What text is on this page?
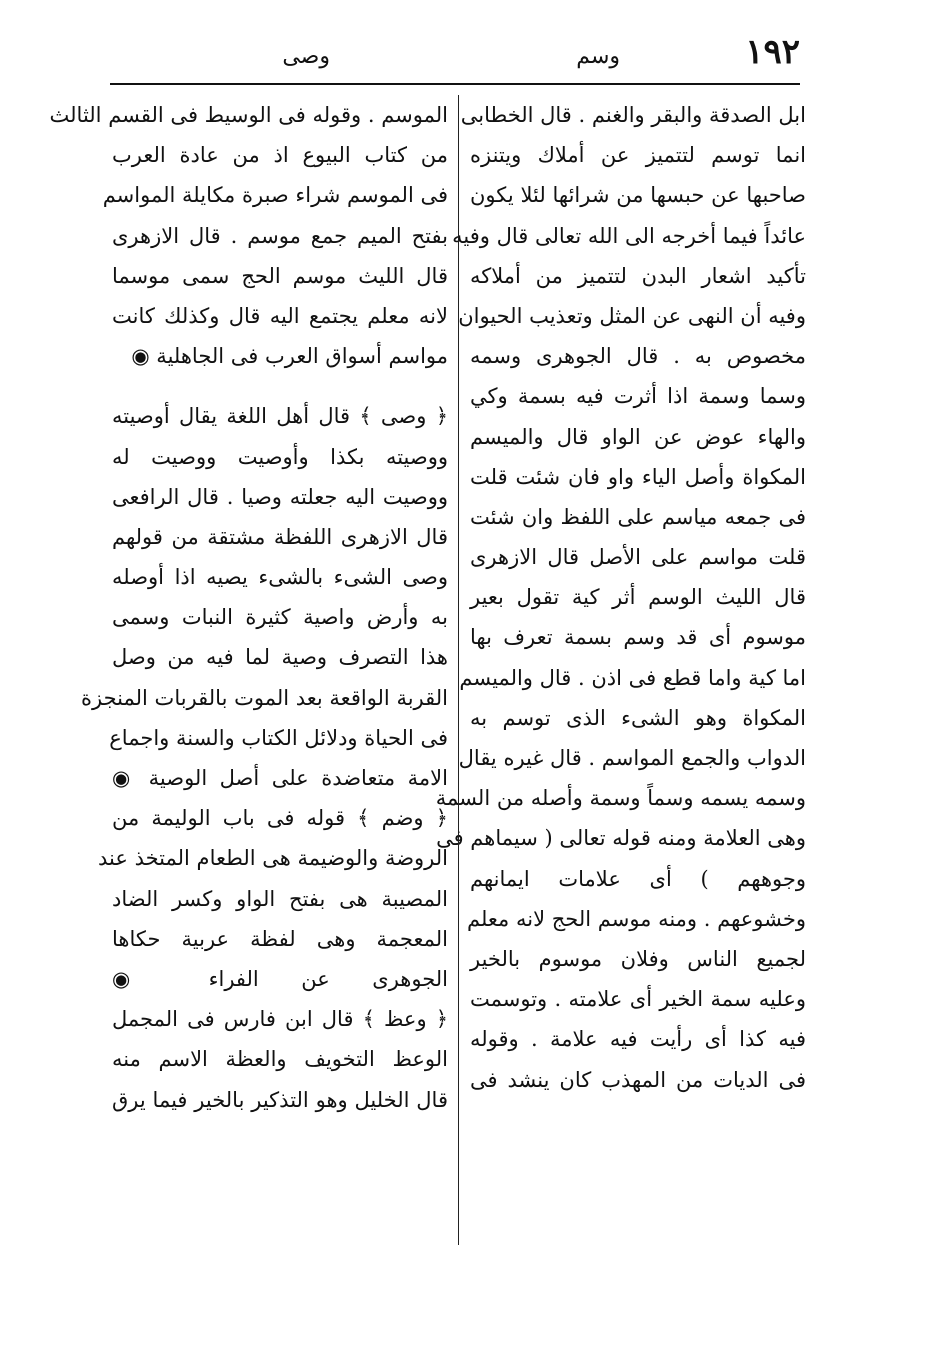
١٩٢
وسم
وصى
ابل الصدقة والبقر والغنم . قال الخطابى
انما توسم لتتميز عن أملاك ويتنزه
صاحبها عن حبسها من شرائها لئلا يكون
عائداً فيما أخرجه الى الله تعالى قال وفيه
تأكيد اشعار البدن لتتميز من أملاكه
وفيه أن النهى عن المثل وتعذيب الحيوان
مخصوص به . قال الجوهرى وسمه
وسما وسمة اذا أثرت فيه بسمة وكي
والهاء عوض عن الواو قال والميسم
المكواة وأصل الياء واو فان شئت قلت
فى جمعه مياسم على اللفظ وان شئت
قلت مواسم على الأصل قال الازهرى
قال الليث الوسم أثر كية تقول بعير
موسوم أى قد وسم بسمة تعرف بها
اما كية واما قطع فى اذن . قال والميسم
المكواة وهو الشىء الذى توسم به
الدواب والجمع المواسم . قال غيره يقال
وسمه يسمه وسماً وسمة وأصله من السمة
وهى العلامة ومنه قوله تعالى ( سيماهم فى
وجوههم ) أى علامات ايمانهم
وخشوعهم . ومنه موسم الحج لانه معلم
لجميع الناس وفلان موسوم بالخير
وعليه سمة الخير أى علامته . وتوسمت
فيه كذا أى رأيت فيه علامة . وقوله
فى الديات من المهذب كان ينشد فى
الموسم . وقوله فى الوسيط فى القسم الثالث
من كتاب البيوع اذ من عادة العرب
فى الموسم شراء صبرة مكايلة المواسم
بفتح الميم جمع موسم . قال الازهرى
قال الليث موسم الحج سمى موسما
لانه معلم يجتمع اليه قال وكذلك كانت
مواسم أسواق العرب فى الجاهلية ◉
﴿ وصى ﴾ قال أهل اللغة يقال أوصيته
ووصيته بكذا وأوصيت ووصيت له
ووصيت اليه جعلته وصيا . قال الرافعى
قال الازهرى اللفظة مشتقة من قولهم
وصى الشىء بالشىء يصيه اذا أوصله
به وأرض واصية كثيرة النبات وسمى
هذا التصرف وصية لما فيه من وصل
القربة الواقعة بعد الموت بالقربات المنجزة
فى الحياة ودلائل الكتاب والسنة واجماع
الامة متعاضدة على أصل الوصية ◉
﴿ وضم ﴾ قوله فى باب الوليمة من
الروضة والوضيمة هى الطعام المتخذ عند
المصيبة هى بفتح الواو وكسر الضاد
المعجمة وهى لفظة عربية حكاها
الجوهرى عن الفراء ◉
﴿ وعظ ﴾ قال ابن فارس فى المجمل
الوعظ التخويف والعظة الاسم منه
قال الخليل وهو التذكير بالخير فيما يرق
